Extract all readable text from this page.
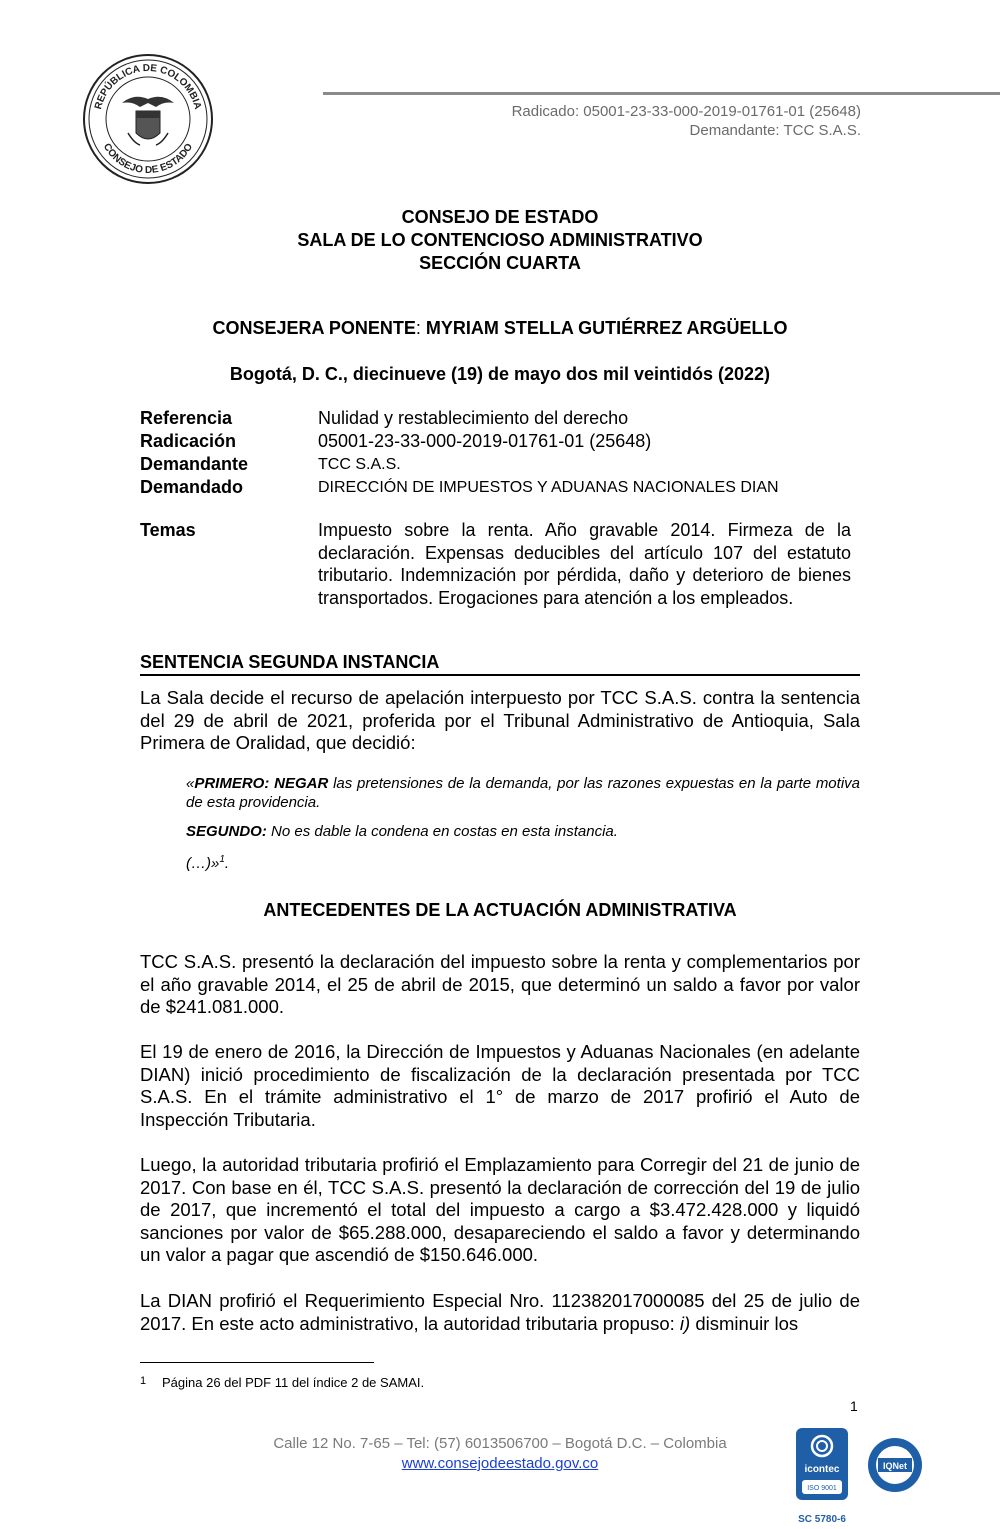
REPÚBLICA DE COLOMBIA
CONSEJO DE ESTADO
Radicado: 05001-23-33-000-2019-01761-01 (25648)
Demandante: TCC S.A.S.
CONSEJO DE ESTADO
SALA DE LO CONTENCIOSO ADMINISTRATIVO
SECCIÓN CUARTA
CONSEJERA PONENTE: MYRIAM STELLA GUTIÉRREZ ARGÜELLO
Bogotá, D. C., diecinueve (19) de mayo dos mil veintidós (2022)
Referencia	Nulidad y restablecimiento del derecho
Radicación	05001-23-33-000-2019-01761-01 (25648)
Demandante	TCC S.A.S.
Demandado	DIRECCIÓN DE IMPUESTOS Y ADUANAS NACIONALES DIAN
Temas	Impuesto sobre la renta. Año gravable 2014. Firmeza de la declaración. Expensas deducibles del artículo 107 del estatuto tributario. Indemnización por pérdida, daño y deterioro de bienes transportados. Erogaciones para atención a los empleados.
SENTENCIA SEGUNDA INSTANCIA
La Sala decide el recurso de apelación interpuesto por TCC S.A.S. contra la sentencia del 29 de abril de 2021, proferida por el Tribunal Administrativo de Antioquia, Sala Primera de Oralidad, que decidió:
«PRIMERO: NEGAR las pretensiones de la demanda, por las razones expuestas en la parte motiva de esta providencia.
SEGUNDO: No es dable la condena en costas en esta instancia.
(…)»$^1$.
ANTECEDENTES DE LA ACTUACIÓN ADMINISTRATIVA
TCC S.A.S. presentó la declaración del impuesto sobre la renta y complementarios por el año gravable 2014, el 25 de abril de 2015, que determinó un saldo a favor por valor de $241.081.000.
El 19 de enero de 2016, la Dirección de Impuestos y Aduanas Nacionales (en adelante DIAN) inició procedimiento de fiscalización de la declaración presentada por TCC S.A.S. En el trámite administrativo el 1° de marzo de 2017 profirió el Auto de Inspección Tributaria.
Luego, la autoridad tributaria profirió el Emplazamiento para Corregir del 21 de junio de 2017. Con base en él, TCC S.A.S. presentó la declaración de corrección del 19 de julio de 2017, que incrementó el total del impuesto a cargo a $3.472.428.000 y liquidó sanciones por valor de $65.288.000, desapareciendo el saldo a favor y determinando un valor a pagar que ascendió de $150.646.000.
La DIAN profirió el Requerimiento Especial Nro. 112382017000085 del 25 de julio de 2017. En este acto administrativo, la autoridad tributaria propuso: i) disminuir los
1 Página 26 del PDF 11 del índice 2 de SAMAI.
1
Calle 12 No. 7-65 – Tel: (57) 6013506700 – Bogotá D.C. – Colombia
www.consejodeestado.gov.co	icontec
ISO 9001
SC 5780-6
IQNet
